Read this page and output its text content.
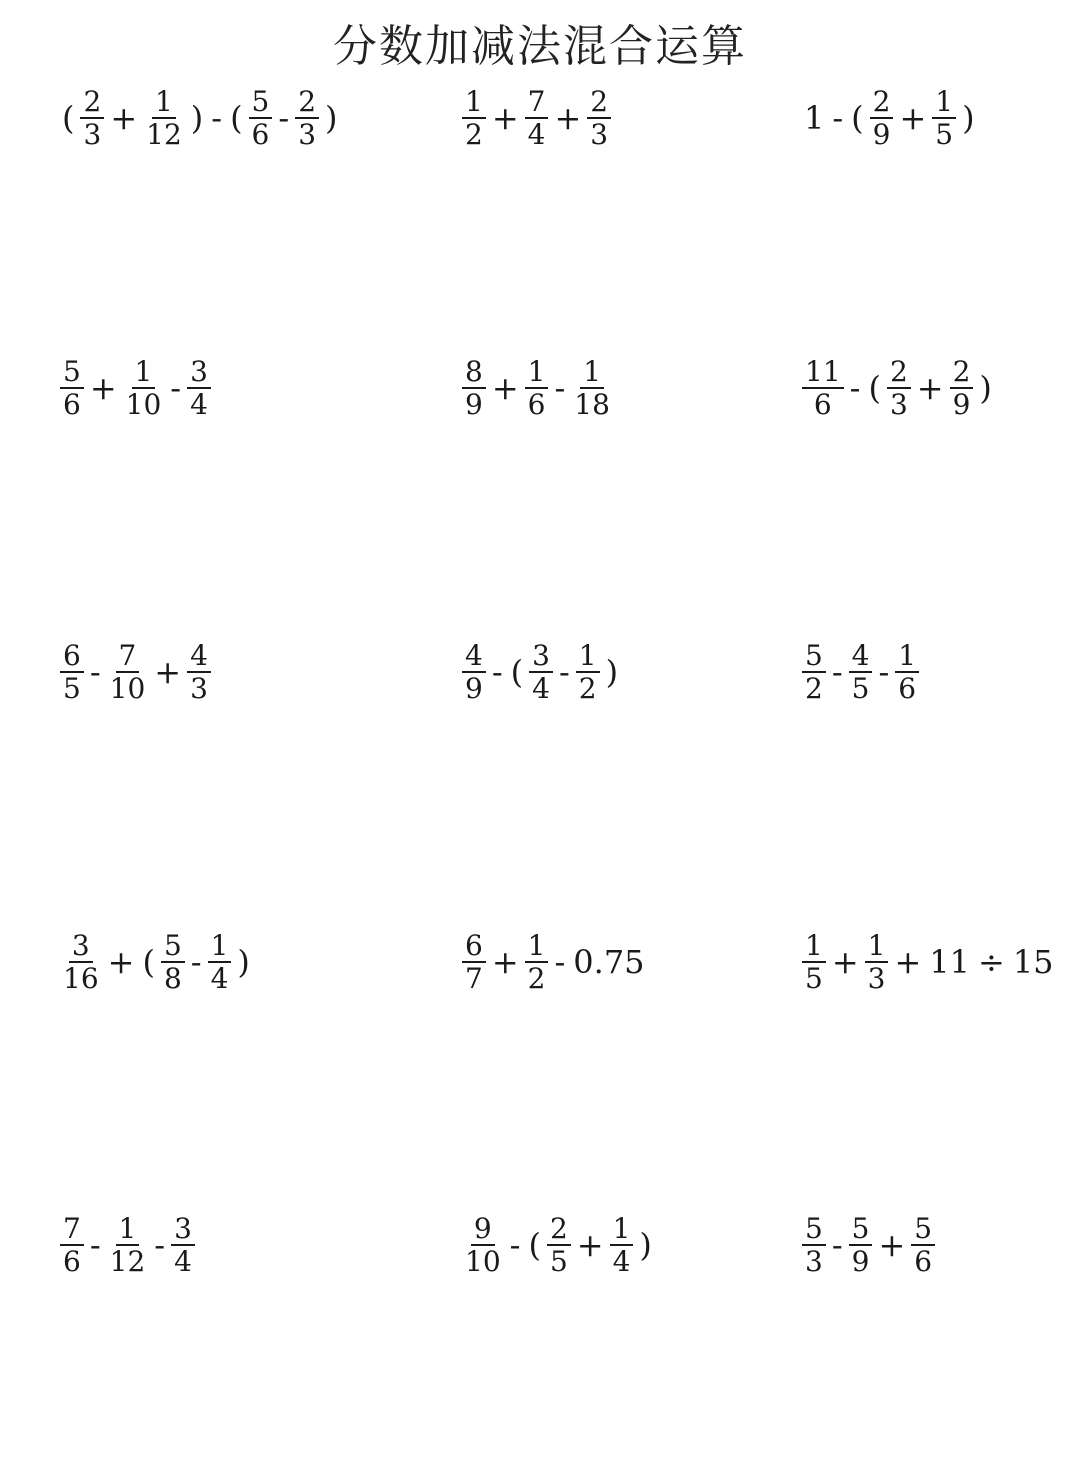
分数加减法混合运算
( $\frac{2}{3} + \frac{1}{12}$ ) - ( $\frac{5}{6} - \frac{2}{3}$ )	$\frac{1}{2} + \frac{7}{4} + \frac{2}{3}$	1 - ( $\frac{2}{9} + \frac{1}{5}$ )
$\frac{5}{6} + \frac{1}{10} - \frac{3}{4}$	$\frac{8}{9} + \frac{1}{6} - \frac{1}{18}$	$\frac{11}{6}$ - ( $\frac{2}{3} + \frac{2}{9}$ )
$\frac{6}{5} - \frac{7}{10} + \frac{4}{3}$	$\frac{4}{9}$ - ( $\frac{3}{4} - \frac{1}{2}$ )	$\frac{5}{2} - \frac{4}{5} - \frac{1}{6}$
$\frac{3}{16}$ + ( $\frac{5}{8} - \frac{1}{4}$ )	$\frac{6}{7} + \frac{1}{2} - 0.75$	$\frac{1}{5} + \frac{1}{3} + 11 \div 15$
$\frac{7}{6} - \frac{1}{12} - \frac{3}{4}$	$\frac{9}{10}$ - ( $\frac{2}{5} + \frac{1}{4}$ )	$\frac{5}{3} - \frac{5}{9} + \frac{5}{6}$
